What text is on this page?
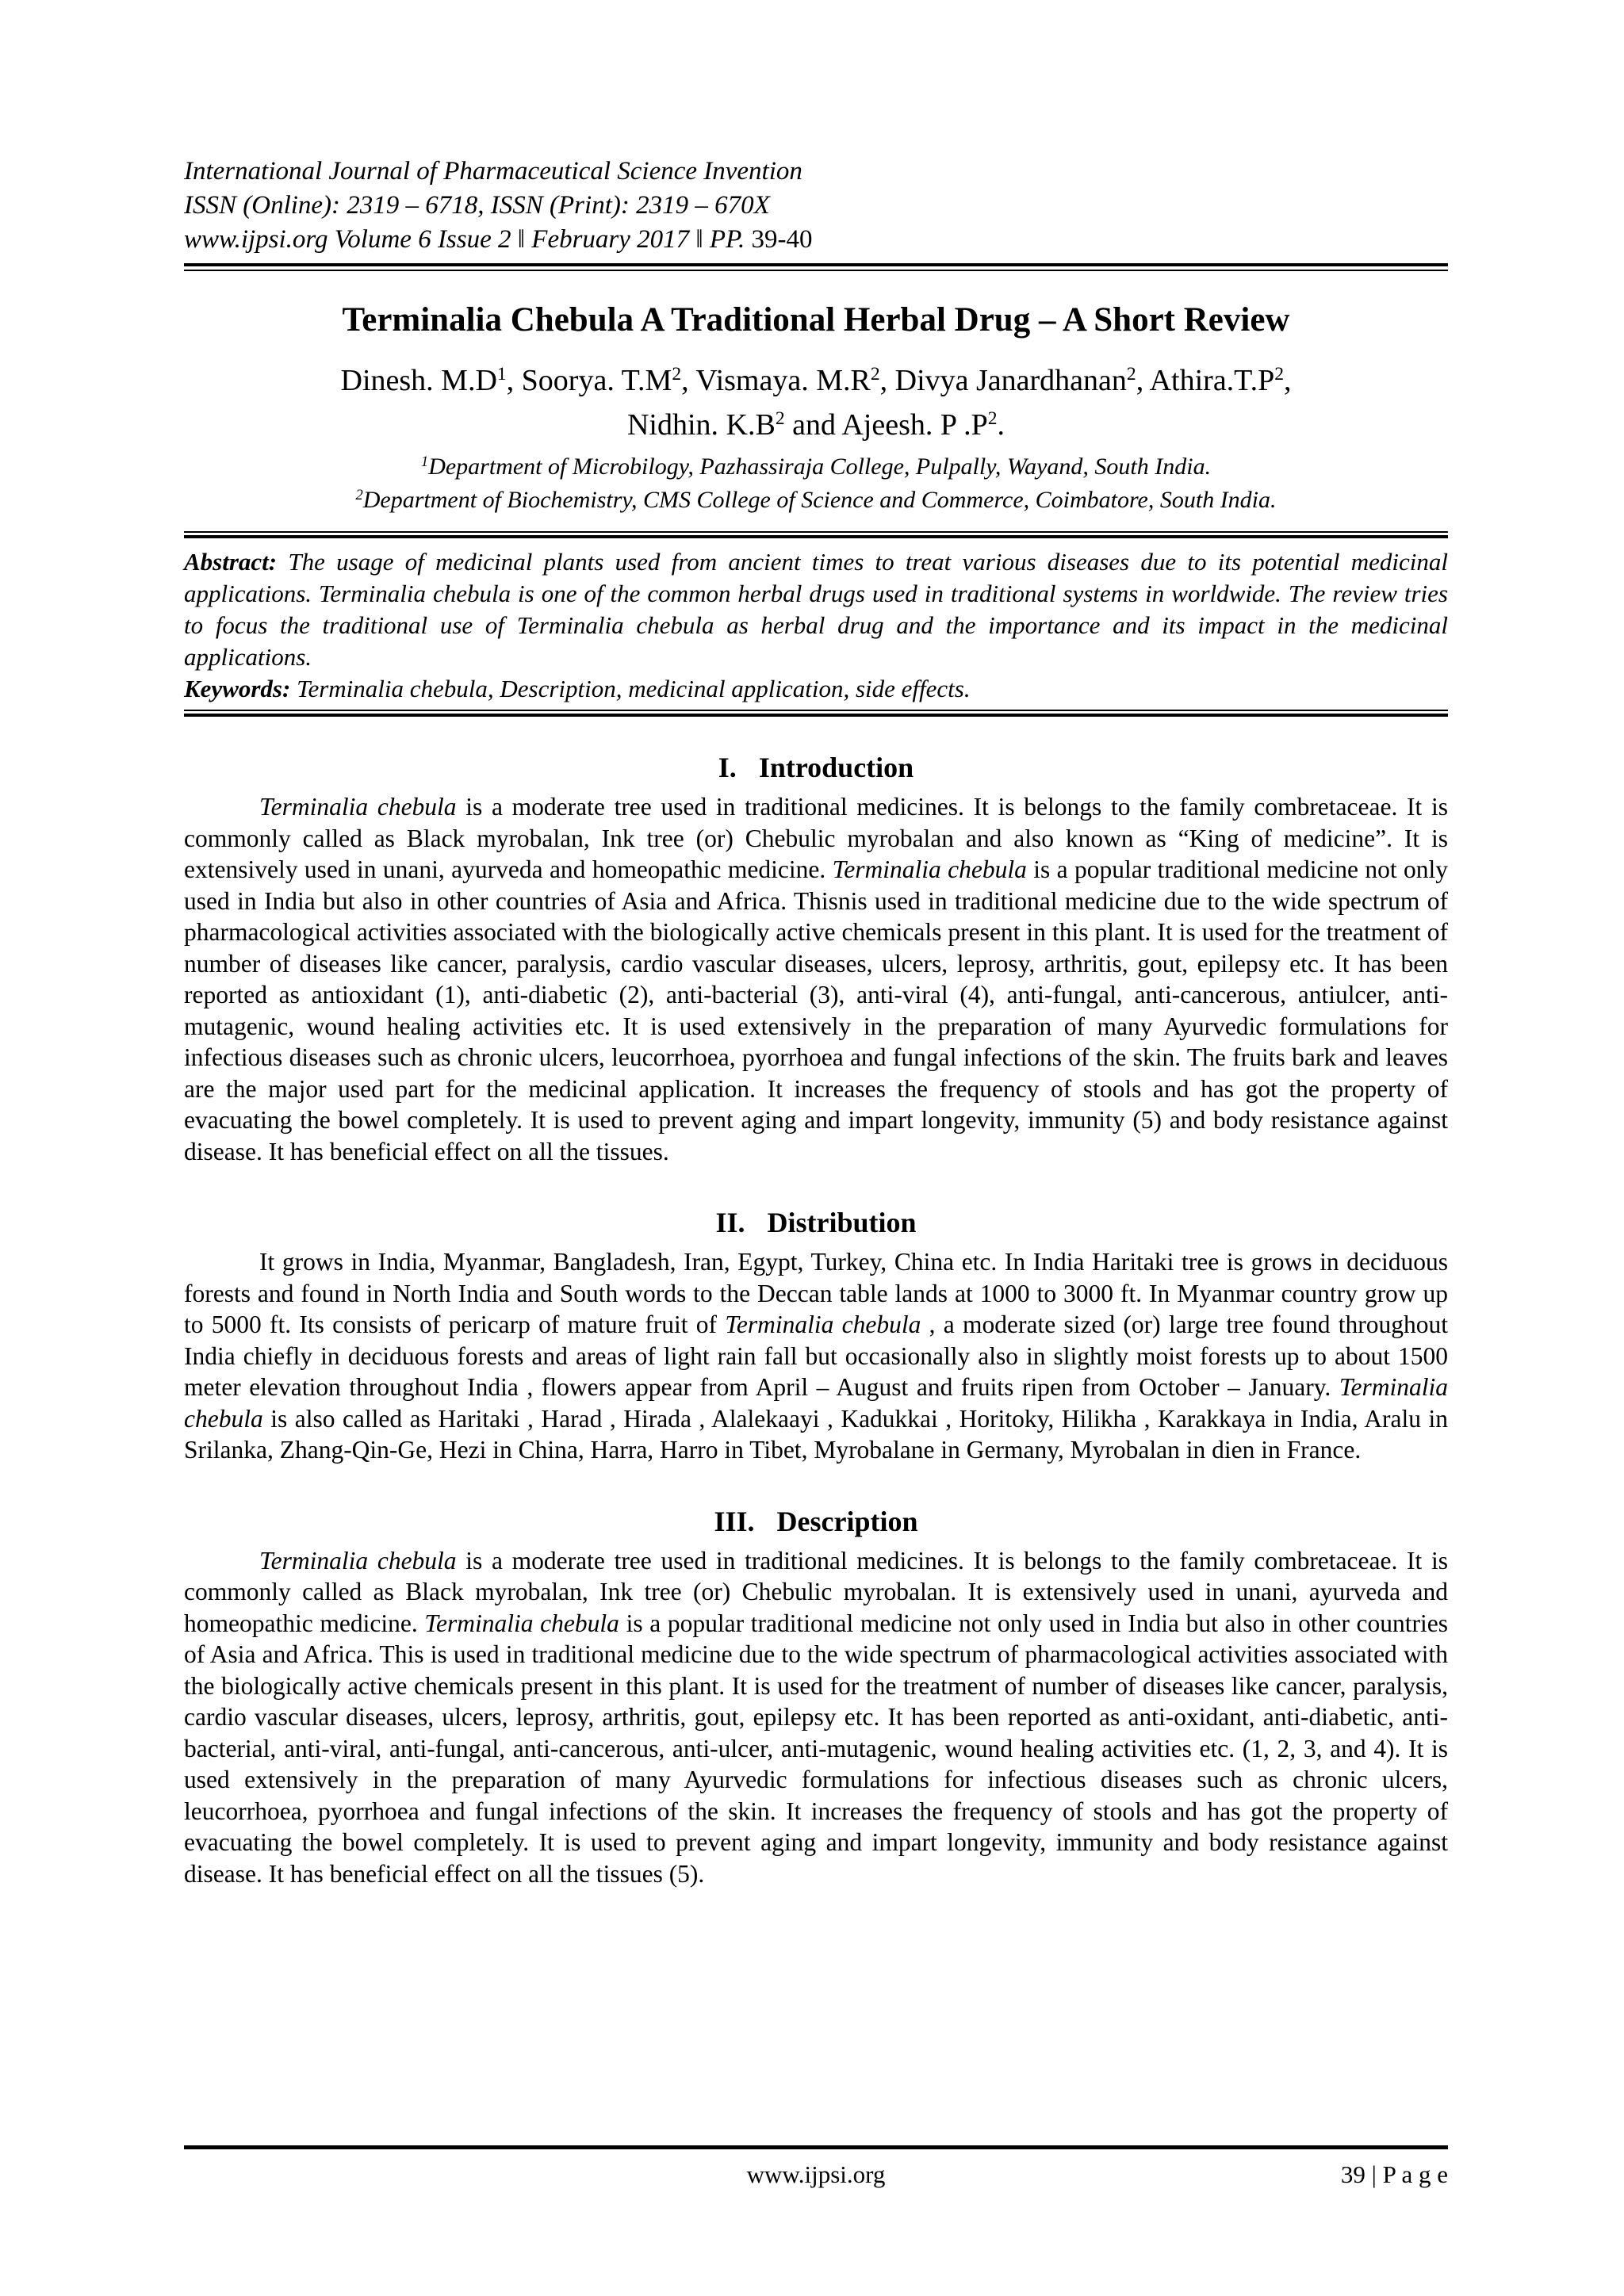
International Journal of Pharmaceutical Science Invention
ISSN (Online): 2319 – 6718, ISSN (Print): 2319 – 670X
www.ijpsi.org Volume 6 Issue 2 ‖ February 2017 ‖ PP. 39-40
Terminalia Chebula A Traditional Herbal Drug – A Short Review
Dinesh. $M.D^1$, Soorya. $T.M^2$, Vismaya. $M.R^2$, Divya Janardhanan$^2$, $Athira.T.P^2$,
Nidhin. $K.B^2$ and Ajeesh. P $.P^2$.
$^1$Department of Microbilogy, Pazhassiraja College, Pulpally, Wayand, South India.
$^2$Department of Biochemistry, CMS College of Science and Commerce, Coimbatore, South India.

Abstract: The usage of medicinal plants used from ancient times to treat various diseases due to its potential medicinal applications. Terminalia chebula is one of the common herbal drugs used in traditional systems in worldwide. The review tries to focus the traditional use of Terminalia chebula as herbal drug and the importance and its impact in the medicinal applications.

Keywords: Terminalia chebula, Description, medicinal application, side effects.

I. Introduction

Terminalia chebula is a moderate tree used in traditional medicines. It is belongs to the family combretaceae. It is commonly called as Black myrobalan, Ink tree (or) Chebulic myrobalan and also known as “King of medicine”. It is extensively used in unani, ayurveda and homeopathic medicine. Terminalia chebula is a popular traditional medicine not only used in India but also in other countries of Asia and Africa. Thisnis used in traditional medicine due to the wide spectrum of pharmacological activities associated with the biologically active chemicals present in this plant. It is used for the treatment of number of diseases like cancer, paralysis, cardio vascular diseases, ulcers, leprosy, arthritis, gout, epilepsy etc. It has been reported as antioxidant (1), anti-diabetic (2), anti-bacterial (3), anti-viral (4), anti-fungal, anti-cancerous, antiulcer, anti-mutagenic, wound healing activities etc. It is used extensively in the preparation of many Ayurvedic formulations for infectious diseases such as chronic ulcers, leucorrhoea, pyorrhoea and fungal infections of the skin. The fruits bark and leaves are the major used part for the medicinal application. It increases the frequency of stools and has got the property of evacuating the bowel completely. It is used to prevent aging and impart longevity, immunity (5) and body resistance against disease. It has beneficial effect on all the tissues.

II. Distribution

It grows in India, Myanmar, Bangladesh, Iran, Egypt, Turkey, China etc. In India Haritaki tree is grows in deciduous forests and found in North India and South words to the Deccan table lands at 1000 to 3000 ft. In Myanmar country grow up to 5000 ft. Its consists of pericarp of mature fruit of Terminalia chebula , a moderate sized (or) large tree found throughout India chiefly in deciduous forests and areas of light rain fall but occasionally also in slightly moist forests up to about 1500 meter elevation throughout India , flowers appear from April – August and fruits ripen from October – January. Terminalia chebula is also called as Haritaki , Harad , Hirada , Alalekaayi , Kadukkai , Horitoky, Hilikha , Karakkaya in India, Aralu in Srilanka, Zhang-Qin-Ge, Hezi in China, Harra, Harro in Tibet, Myrobalane in Germany, Myrobalan in dien in France.

III. Description

Terminalia chebula is a moderate tree used in traditional medicines. It is belongs to the family combretaceae. It is commonly called as Black myrobalan, Ink tree (or) Chebulic myrobalan. It is extensively used in unani, ayurveda and homeopathic medicine. Terminalia chebula is a popular traditional medicine not only used in India but also in other countries of Asia and Africa. This is used in traditional medicine due to the wide spectrum of pharmacological activities associated with the biologically active chemicals present in this plant. It is used for the treatment of number of diseases like cancer, paralysis, cardio vascular diseases, ulcers, leprosy, arthritis, gout, epilepsy etc. It has been reported as anti-oxidant, anti-diabetic, anti-bacterial, anti-viral, anti-fungal, anti-cancerous, anti-ulcer, anti-mutagenic, wound healing activities etc. (1, 2, 3, and 4). It is used extensively in the preparation of many Ayurvedic formulations for infectious diseases such as chronic ulcers, leucorrhoea, pyorrhoea and fungal infections of the skin. It increases the frequency of stools and has got the property of evacuating the bowel completely. It is used to prevent aging and impart longevity, immunity and body resistance against disease. It has beneficial effect on all the tissues (5).

www.ijpsi.org	39 | P a g e
